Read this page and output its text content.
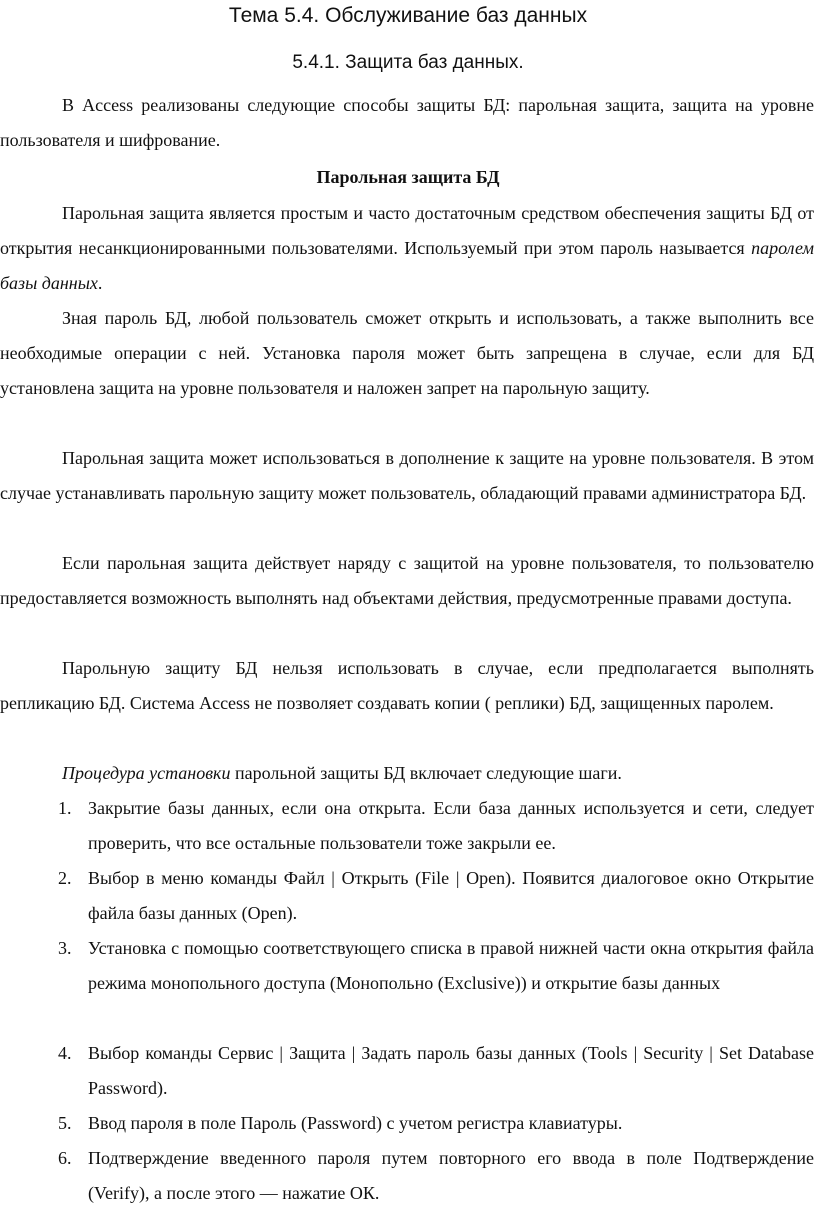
Тема 5.4. Обслуживание баз данных
5.4.1. Защита баз данных.

В Access реализованы следующие способы защиты БД: парольная защита, защита на уровне пользователя и шифрование.

Парольная защита БД

Парольная защита является простым и часто достаточным средством обеспечения защиты БД от открытия несанкционированными пользователями. Используемый при этом пароль называется паролем базы данных.

Зная пароль БД, любой пользователь сможет открыть и использовать, а также выполнить все необходимые операции с ней. Установка пароля может быть запрещена в случае, если для БД установлена защита на уровне пользователя и наложен запрет на парольную защиту.

Парольная защита может использоваться в дополнение к защите на уровне пользователя. В этом случае устанавливать парольную защиту может пользователь, обладающий правами администратора БД.

Если парольная защита действует наряду с защитой на уровне пользователя, то пользователю предоставляется возможность выполнять над объектами действия, предусмотренные правами доступа.

Парольную защиту БД нельзя использовать в случае, если предполагается выполнять репликацию БД. Система Access не позволяет создавать копии ( реплики) БД, защищенных паролем.

Процедура установки парольной защиты БД включает следующие шаги.

1. Закрытие базы данных, если она открыта. Если база данных используется и сети, следует проверить, что все остальные пользователи тоже закрыли ее.
2. Выбор в меню команды Файл | Открыть (File | Open). Появится диалоговое окно Открытие файла базы данных (Open).
3. Установка с помощью соответствующего списка в правой нижней части окна открытия файла режима монопольного доступа (Монопольно (Exclusive)) и открытие базы данных
4. Выбор команды Сервис | Защита | Задать пароль базы данных (Tools | Security | Set Database Password).
5. Ввод пароля в поле Пароль (Password) с учетом регистра клавиатуры.
6. Подтверждение введенного пароля путем повторного его ввода в поле Подтверждение (Verify), а после этого — нажатие ОК.
